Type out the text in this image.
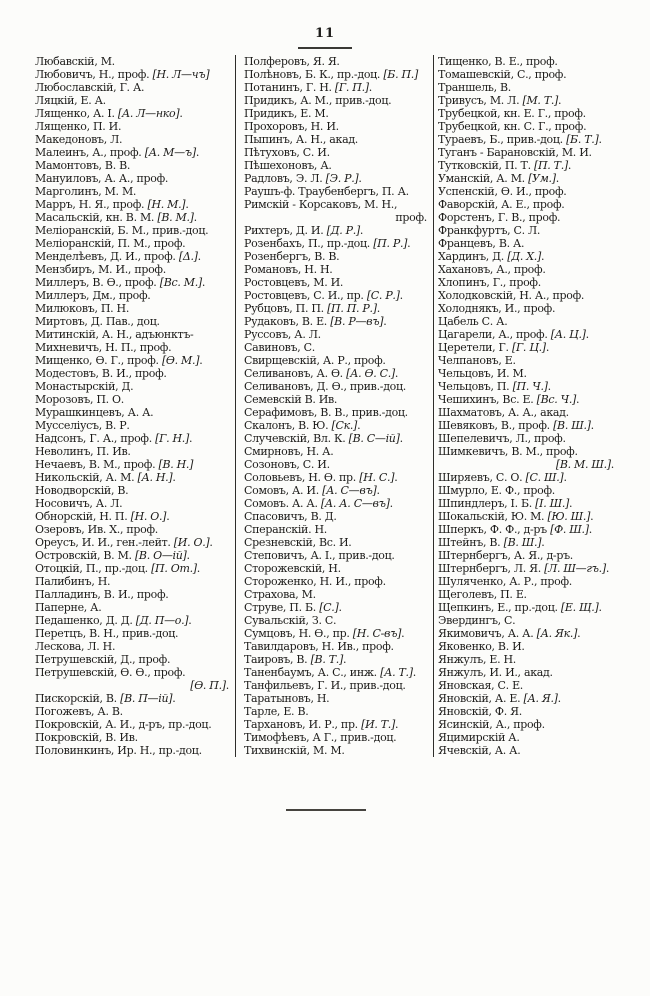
11
Любавскій, М.
Любовичъ, Н., проф. [Н. Л—чъ]
Любославскій, Г. А.
Ляцкій, Е. А.
Лященко, А. І. [А. Л—нко].
Лященко, П. И.
Македоновъ, Л.
Малеинъ, А., проф. [А. М—ъ].
Мамонтовъ, В. В.
Мануиловъ, А. А., проф.
Марголинъ, М. М.
Марръ, Н. Я., проф. [Н. М.].
Масальскій, кн. В. М. [В. М.].
Меліоранскій, Б. М., прив.-доц.
Меліоранскій, П. М., проф.
Менделѣевъ, Д. И., проф. [Δ.].
Мензбиръ, М. И., проф.
Миллеръ, В. Ѳ., проф. [Вс. М.].
Миллеръ, Дм., проф.
Милюковъ, П. Н.
Миртовъ, Д. Пав., доц.
Митинскій, А. Н., адъюнктъ-
Михневичъ, Н. П., проф.
Мищенко, Ѳ. Г., проф. [Ѳ. М.].
Модестовъ, В. И., проф.
Монастырскій, Д.
Морозовъ, П. О.
Мурашкинцевъ, А. А.
Мусселіусъ, В. Р.
Надсонъ, Г. А., проф. [Г. Н.].
Неволинъ, П. Ив.
Нечаевъ, В. М., проф. [В. Н.]
Никольскій, А. М. [А. Н.].
Новодворскій, В.
Носовичъ, А. Л.
Обнорскій, Н. П. [Н. О.].
Озеровъ, Ив. Х., проф.
Ореусъ, И. И., ген.-лейт. [И. О.].
Островскій, В. М. [В. О—ій].
Отоцкій, П., пр.-доц. [П. От.].
Палибинъ, Н.
Палладинъ, В. И., проф.
Паперне, А.
Педашенко, Д. Д. [Д. П—о.].
Перетцъ, В. Н., прив.-доц.
Лескова, Л. Н.
Петрушевскій, Д., проф.
Петрушевскій, Ѳ. Ѳ., проф.
[Ѳ. П.].
Пискорскій, В. [В. П—ій].
Погожевъ, А. В.
Покровскій, А. И., д-ръ, пр.-доц.
Покровскій, В. Ив.
Половинкинъ, Ир. Н., пр.-доц.
Полферовъ, Я. Я.
Полѣновъ, Б. К., пр.-доц. [Б. П.]
Потанинъ, Г. Н. [Г. П.].
Придикъ, А. М., прив.-доц.
Придикъ, Е. М.
Прохоровъ, Н. И.
Пыпинъ, А. Н., акад.
Пѣтуховъ, С. И.
Пѣшехоновъ, А.
Радловъ, Э. Л. [Э. Р.].
Раушъ-ф. Траубенбергъ, П. А.
Римскій - Корсаковъ, М. Н.,
проф.
Рихтеръ, Д. И. [Д. Р.].
Розенбахъ, П., пр.-доц. [П. Р.].
Розенбергъ, В. В.
Романовъ, Н. Н.
Ростовцевъ, М. И.
Ростовцевъ, С. И., пр. [С. Р.].
Рубцовъ, П. П. [П. П. Р.].
Рудаковъ, В. Е. [В. Р—въ].
Руссовъ, А. Л.
Савиновъ, С.
Свирщевскій, А. Р., проф.
Селивановъ, А. Ѳ. [А. Ѳ. С.].
Селивановъ, Д. Ѳ., прив.-доц.
Семевскій В. Ив.
Серафимовъ, В. В., прив.-доц.
Скалонъ, В. Ю. [Ск.].
Случевскій, Вл. К. [В. С—ій].
Смирновъ, Н. А.
Созоновъ, С. И.
Соловьевъ, Н. Ѳ. пр. [Н. С.].
Сомовъ, А. И. [А. С—въ].
Сомовъ. А. А. [А. А. С—въ].
Спасовичъ, В. Д.
Сперанскій. Н.
Срезневскій, Вс. И.
Степовичъ, А. І., прив.-доц.
Сторожевскій, Н.
Стороженко, Н. И., проф.
Страхова, М.
Струве, П. Б. [С.].
Сувальскій, З. С.
Сумцовъ, Н. Ѳ., пр. [Н. С-въ].
Тавилдаровъ, Н. Ив., проф.
Таировъ, В. [В. Т.].
Таненбаумъ, А. С., инж. [А. Т.].
Танфильевъ, Г. И., прив.-доц.
Таратыновъ, Н.
Тарле, Е. В.
Тархановъ, И. Р., пр. [И. Т.].
Тимофѣевъ, А Г., прив.-доц.
Тихвинскій, М. М.
Тищенко, В. Е., проф.
Томашевскій, С., проф.
Траншель, В.
Тривусъ, М. Л. [М. Т.].
Трубецкой, кн. Е. Г., проф.
Трубецкой, кн. С. Г., проф.
Тураевъ, Б., прив.-доц. [Б. Т.].
Туганъ - Барановскій, М. И.
Тутковскій, П. Т. [П. Т.].
Уманскій, А. М. [Ум.].
Успенскій, Ѳ. И., проф.
Фаворскій, А. Е., проф.
Форстенъ, Г. В., проф.
Франкфуртъ, С. Л.
Францевъ, В. А.
Хардинъ, Д. [Д. Х.].
Хахановъ, А., проф.
Хлопинъ, Г., проф.
Холодковскій, Н. А., проф.
Холоднякъ, И., проф.
Цабель С. А.
Цагарели, А., проф. [А. Ц.].
Церетели, Г. [Г. Ц.].
Челпановъ, Е.
Чельцовъ, И. М.
Чельцовъ, П. [П. Ч.].
Чешихинъ, Вс. Е. [Вс. Ч.].
Шахматовъ, А. А., акад.
Шевяковъ, В., проф. [В. Ш.].
Шепелевичъ, Л., проф.
Шимкевичъ, В. М., проф.
[В. М. Ш.].
Ширяевъ, С. О. [С. Ш.].
Шмурло, Е. Ф., проф.
Шпиндлеръ, І. Б. [І. Ш.].
Шокальскій, Ю. М. [Ю. Ш.].
Шперкъ, Ф. Ф., д-ръ [Ф. Ш.].
Штейнъ, В. [В. Ш.].
Штернбергъ, А. Я., д-ръ.
Штернбергъ, Л. Я. [Л. Ш—гъ.].
Шуляченко, А. Р., проф.
Щеголевъ, П. Е.
Щепкинъ, Е., пр.-доц. [Е. Щ.].
Эвердингъ, С.
Якимовичъ, А. А. [А. Як.].
Яковенко, В. И.
Янжулъ, Е. Н.
Янжулъ, И. И., акад.
Яновская, С. Е.
Яновскій, А. Е. [А. Я.].
Яновскій, Ф. Я.
Ясинскій, А., проф.
Яцимирскій А.
Ячевскій, А. А.
